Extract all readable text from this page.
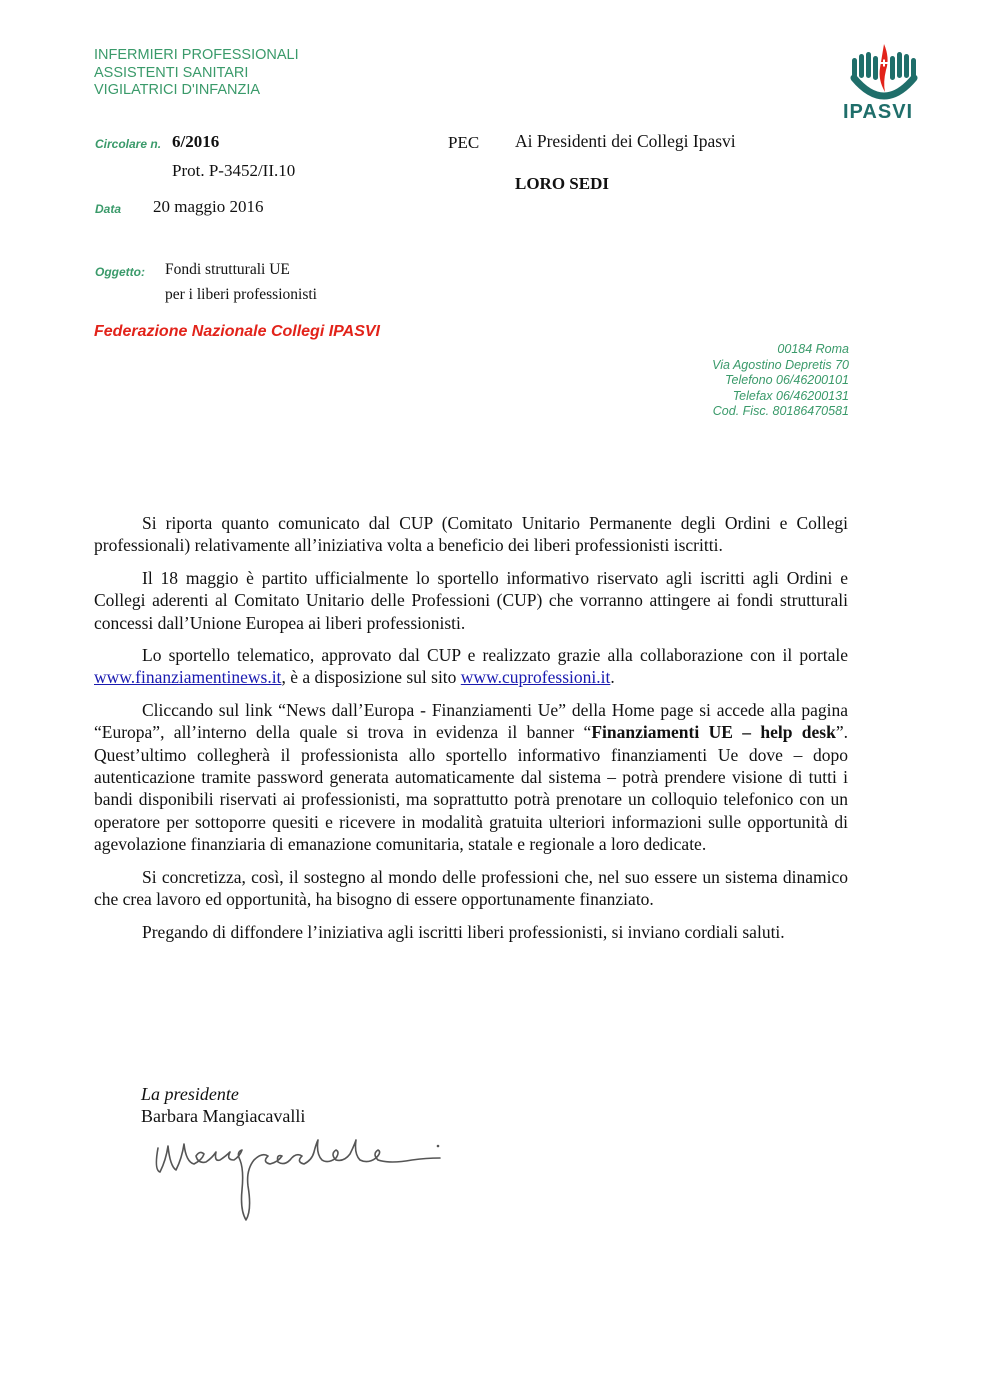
INFERMIERI PROFESSIONALI
ASSISTENTI SANITARI
VIGILATRICI D'INFANZIA
IPASVI
Circolare n. 6/2016
Prot. P-3452/II.10
Data 20 maggio 2016
PEC Ai Presidenti dei Collegi Ipasvi
LORO SEDI
Oggetto: Fondi strutturali UE
per i liberi professionisti
Federazione Nazionale Collegi IPASVI
00184 Roma
Via Agostino Depretis 70
Telefono 06/46200101
Telefax 06/46200131
Cod. Fisc. 80186470581

Si riporta quanto comunicato dal CUP (Comitato Unitario Permanente degli Ordini e Collegi professionali) relativamente all’iniziativa volta a beneficio dei liberi professionisti iscritti.

Il 18 maggio è partito ufficialmente lo sportello informativo riservato agli iscritti agli Ordini e Collegi aderenti al Comitato Unitario delle Professioni (CUP) che vorranno attingere ai fondi strutturali concessi dall’Unione Europea ai liberi professionisti.

Lo sportello telematico, approvato dal CUP e realizzato grazie alla collaborazione con il portale www.finanziamentinews.it, è a disposizione sul sito www.cuprofessioni.it.

Cliccando sul link “News dall’Europa - Finanziamenti Ue” della Home page si accede alla pagina “Europa”, all’interno della quale si trova in evidenza il banner “Finanziamenti UE – help desk”. Quest’ultimo collegherà il professionista allo sportello informativo finanziamenti Ue dove – dopo autenticazione tramite password generata automaticamente dal sistema – potrà prendere visione di tutti i bandi disponibili riservati ai professionisti, ma soprattutto potrà prenotare un colloquio telefonico con un operatore per sottoporre quesiti e ricevere in modalità gratuita ulteriori informazioni sulle opportunità di agevolazione finanziaria di emanazione comunitaria, statale e regionale a loro dedicate.

Si concretizza, così, il sostegno al mondo delle professioni che, nel suo essere un sistema dinamico che crea lavoro ed opportunità, ha bisogno di essere opportunamente finanziato.

Pregando di diffondere l’iniziativa agli iscritti liberi professionisti, si inviano cordiali saluti.

La presidente
Barbara Mangiacavalli
